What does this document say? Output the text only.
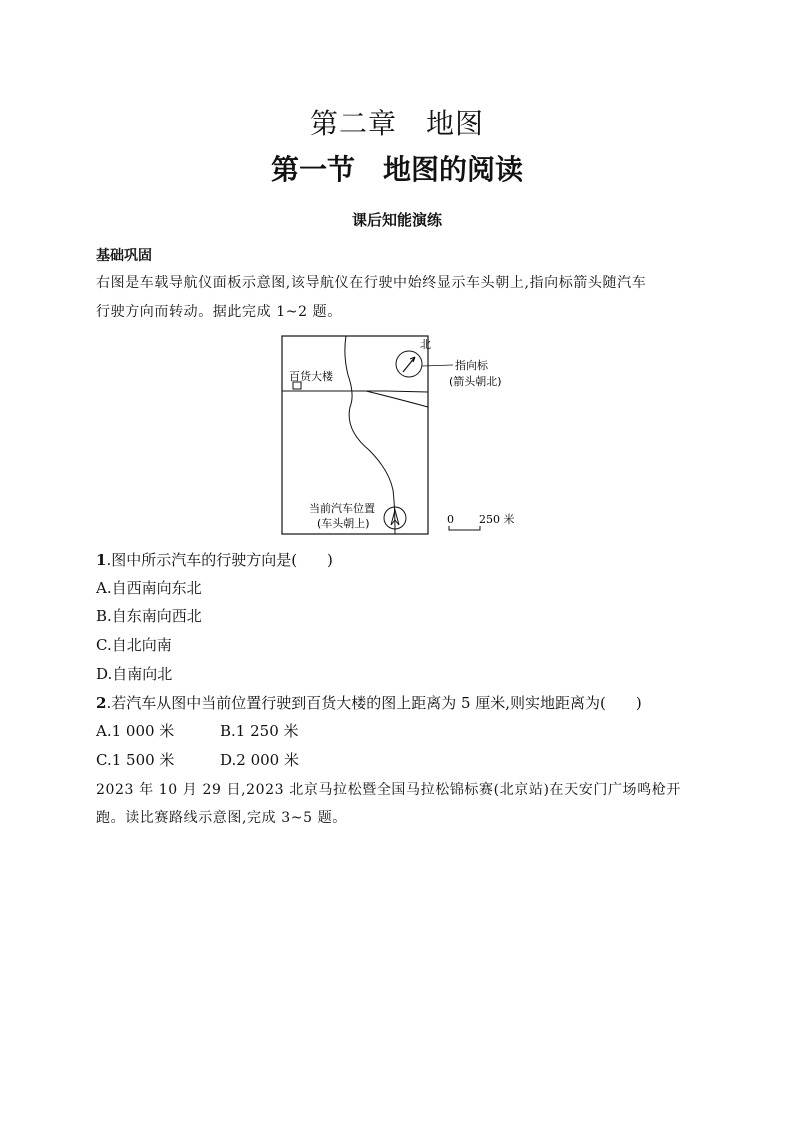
第二章　地图
第一节　地图的阅读
课后知能演练
基础巩固
右图是车载导航仪面板示意图,该导航仪在行驶中始终显示车头朝上,指向标箭头随汽车
行驶方向而转动。据此完成 1~2 题。
百货大楼
北
指向标
(箭头朝北)
当前汽车位置
(车头朝上)	0 250 米
1.图中所示汽车的行驶方向是(　　)
A.自西南向东北
B.自东南向西北
C.自北向南
D.自南向北
2.若汽车从图中当前位置行驶到百货大楼的图上距离为 5 厘米,则实地距离为(　　)
A.1 000 米	B.1 250 米
C.1 500 米	D.2 000 米
2023 年 10 月 29 日,2023 北京马拉松暨全国马拉松锦标赛(北京站)在天安门广场鸣枪开
跑。读比赛路线示意图,完成 3~5 题。
